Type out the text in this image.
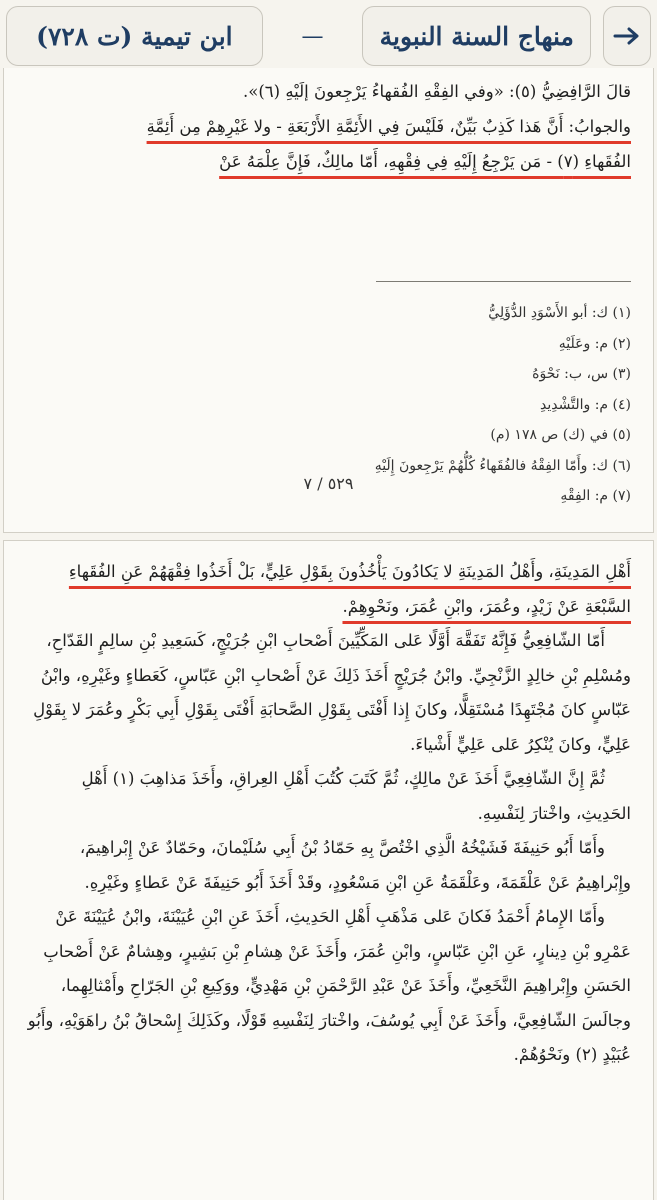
ابن تيمية (ت ٧٢٨)	—	منهاج السنة النبوية
قالَ الرَّافِضِيُّ (٥): «وفي الفِقْهِ الفُقهاءُ يَرْجِعونَ إلَيْهِ (٦)».
والجوابُ: أَنَّ هَذا كَذِبٌ بَيِّنٌ، فَلَيْسَ فِي الأَئِمَّةِ الأَرْبَعَةِ - ولا غَيْرِهِمْ مِن أَئِمَّةِ
الفُقَهاءِ (٧) - مَن يَرْجِعُ إِلَيْهِ فِي فِقْهِهِ، أَمّا مالِكٌ، فَإِنَّ عِلْمَهُ عَنْ
(١) ك: أبو الأَسْوَدِ الدُّؤَلِيُّ
(٢) م: وعَلَيْهِ
(٣) س، ب: نَحْوَهُ
(٤) م: والتَّشْدِيدِ
(٥) في (ك) ص ١٧٨ (م)
(٦) ك: وأَمّا الفِقْهُ فالفُقَهاءُ كُلُّهُمْ يَرْجِعونَ إِلَيْهِ
(٧) م: الفِقْهِ
٥٢٩ / ٧

أَهْلِ المَدِينَةِ، وأَهْلُ المَدِينَةِ لا يَكادُونَ يَأْخُذُونَ بِقَوْلِ عَلِيٍّ، بَلْ أَخَذُوا فِقْهَهُمْ عَنِ الفُقَهاءِ السَّبْعَةِ عَنْ زَيْدٍ، وعُمَرَ، وابْنِ عُمَرَ، ونَحْوِهِمْ.

أَمّا الشّافِعِيُّ فَإِنَّهُ تَفَقَّهَ أَوَّلًا عَلى المَكِّيِّينَ أَصْحابِ ابْنِ جُرَيْجٍ، كَسَعِيدِ بْنِ سالِمٍ القَدّاحِ، ومُسْلِمِ بْنِ خالِدٍ الزَّنْجِيِّ. وابْنُ جُرَيْجٍ أَخَذَ ذَلِكَ عَنْ أَصْحابِ ابْنِ عَبّاسٍ، كَعَطاءٍ وغَيْرِهِ، وابْنُ عَبّاسٍ كانَ مُجْتَهِدًا مُسْتَقِلًّا، وكانَ إِذا أَفْتَى بِقَوْلِ الصَّحابَةِ أَفْتَى بِقَوْلِ أَبِي بَكْرٍ وعُمَرَ لا بِقَوْلِ عَلِيٍّ، وكانَ يُنْكِرُ عَلى عَلِيٍّ أَشْياءَ.

ثُمَّ إِنَّ الشّافِعِيَّ أَخَذَ عَنْ مالِكٍ، ثُمَّ كَتَبَ كُتُبَ أَهْلِ العِراقِ، وأَخَذَ مَذاهِبَ (١) أَهْلِ الحَدِيثِ، واخْتارَ لِنَفْسِهِ.

وأَمّا أَبُو حَنِيفَةَ فَشَيْخُهُ الَّذِي اخْتُصَّ بِهِ حَمّادُ بْنُ أَبِي سُلَيْمانَ، وحَمّادٌ عَنْ إِبْراهِيمَ، وإِبْراهِيمُ عَنْ عَلْقَمَةَ، وعَلْقَمَةُ عَنِ ابْنِ مَسْعُودٍ، وقَدْ أَخَذَ أَبُو حَنِيفَةَ عَنْ عَطاءٍ وغَيْرِهِ.

وأَمّا الإِمامُ أَحْمَدُ فَكانَ عَلى مَذْهَبِ أَهْلِ الحَدِيثِ، أَخَذَ عَنِ ابْنِ عُيَيْنَةَ، وابْنُ عُيَيْنَةَ عَنْ عَمْرِو بْنِ دِينارٍ، عَنِ ابْنِ عَبّاسٍ، وابْنِ عُمَرَ، وأَخَذَ عَنْ هِشامِ بْنِ بَشِيرٍ، وهِشامٌ عَنْ أَصْحابِ الحَسَنِ وإِبْراهِيمَ النَّخَعِيِّ، وأَخَذَ عَنْ عَبْدِ الرَّحْمَنِ بْنِ مَهْدِيٍّ، ووَكِيعِ بْنِ الجَرّاحِ وأَمْثالِهِما، وجالَسَ الشّافِعِيَّ، وأَخَذَ عَنْ أَبِي يُوسُفَ، واخْتارَ لِنَفْسِهِ قَوْلًا، وكَذَلِكَ إِسْحاقُ بْنُ راهَوَيْهِ، وأَبُو عُبَيْدٍ (٢) ونَحْوُهُمْ.
